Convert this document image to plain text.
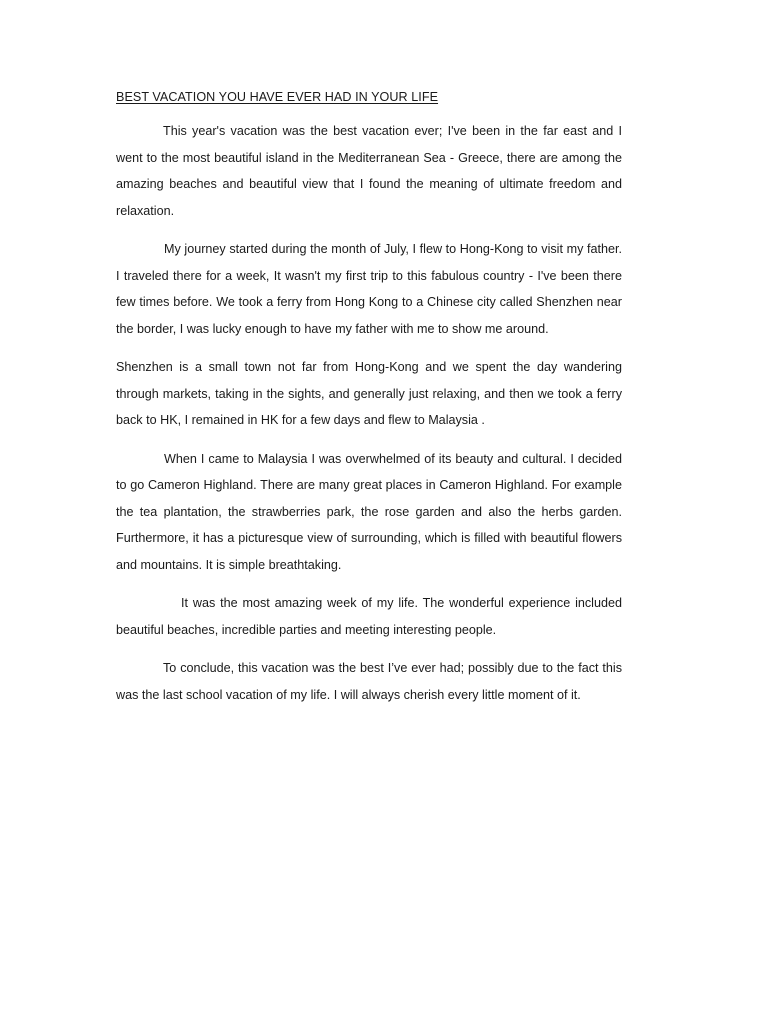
BEST VACATION YOU HAVE EVER HAD IN YOUR LIFE

This year's vacation was the best vacation ever; I've been in the far east and I went to the most beautiful island in the Mediterranean Sea - Greece, there are among the amazing beaches and beautiful view that I found the meaning of ultimate freedom and relaxation.

My journey started during the month of July, I flew to Hong-Kong to visit my father. I traveled there for a week, It wasn't my first trip to this fabulous country - I've been there few times before. We took a ferry from Hong Kong to a Chinese city called Shenzhen near the border, I was lucky enough to have my father with me to show me around.

Shenzhen is a small town not far from Hong-Kong and we spent the day wandering through markets, taking in the sights, and generally just relaxing, and then we took a ferry back to HK, I remained in HK for a few days and flew to Malaysia .

When I came to Malaysia I was overwhelmed of its beauty and cultural. I decided to go Cameron Highland. There are many great places in Cameron Highland. For example the tea plantation, the strawberries park, the rose garden and also the herbs garden. Furthermore, it has a picturesque view of surrounding, which is filled with beautiful flowers and mountains. It is simple breathtaking.

It was the most amazing week of my life. The wonderful experience included beautiful beaches, incredible parties and meeting interesting people.

To conclude, this vacation was the best I’ve ever had; possibly due to the fact this was the last school vacation of my life. I will always cherish every little moment of it.
